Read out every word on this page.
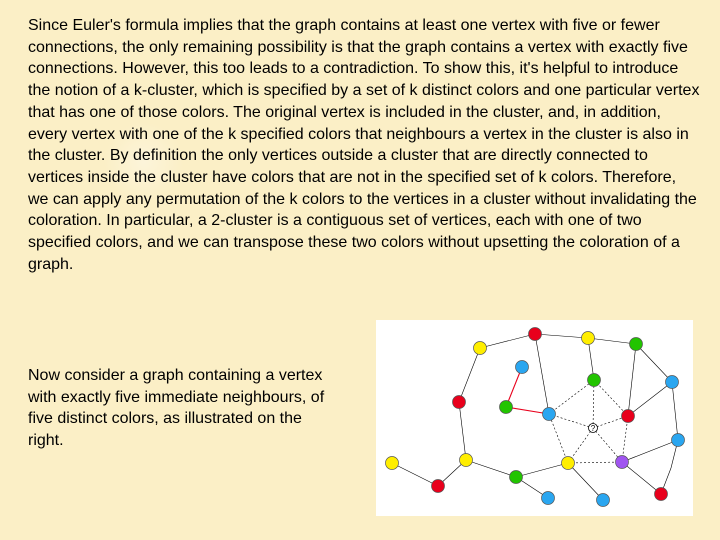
Since Euler's formula implies that the graph contains at least one vertex with five or fewer connections, the only remaining possibility is that the graph contains a vertex with exactly five connections. However, this too leads to a contradiction. To show this, it's helpful to introduce the notion of a k-cluster, which is specified by a set of k distinct colors and one particular vertex that has one of those colors. The original vertex is included in the cluster, and, in addition, every vertex with one of the k specified colors that neighbours a vertex in the cluster is also in the cluster. By definition the only vertices outside a cluster that are directly connected to vertices inside the cluster have colors that are not in the specified set of k colors. Therefore, we can apply any permutation of the k colors to the vertices in a cluster without invalidating the coloration. In particular, a 2-cluster is a contiguous set of vertices, each with one of two specified colors, and we can transpose these two colors without upsetting the coloration of a graph.

Now consider a graph containing a vertex with exactly five immediate neighbours, of five distinct colors, as illustrated on the right.

?
